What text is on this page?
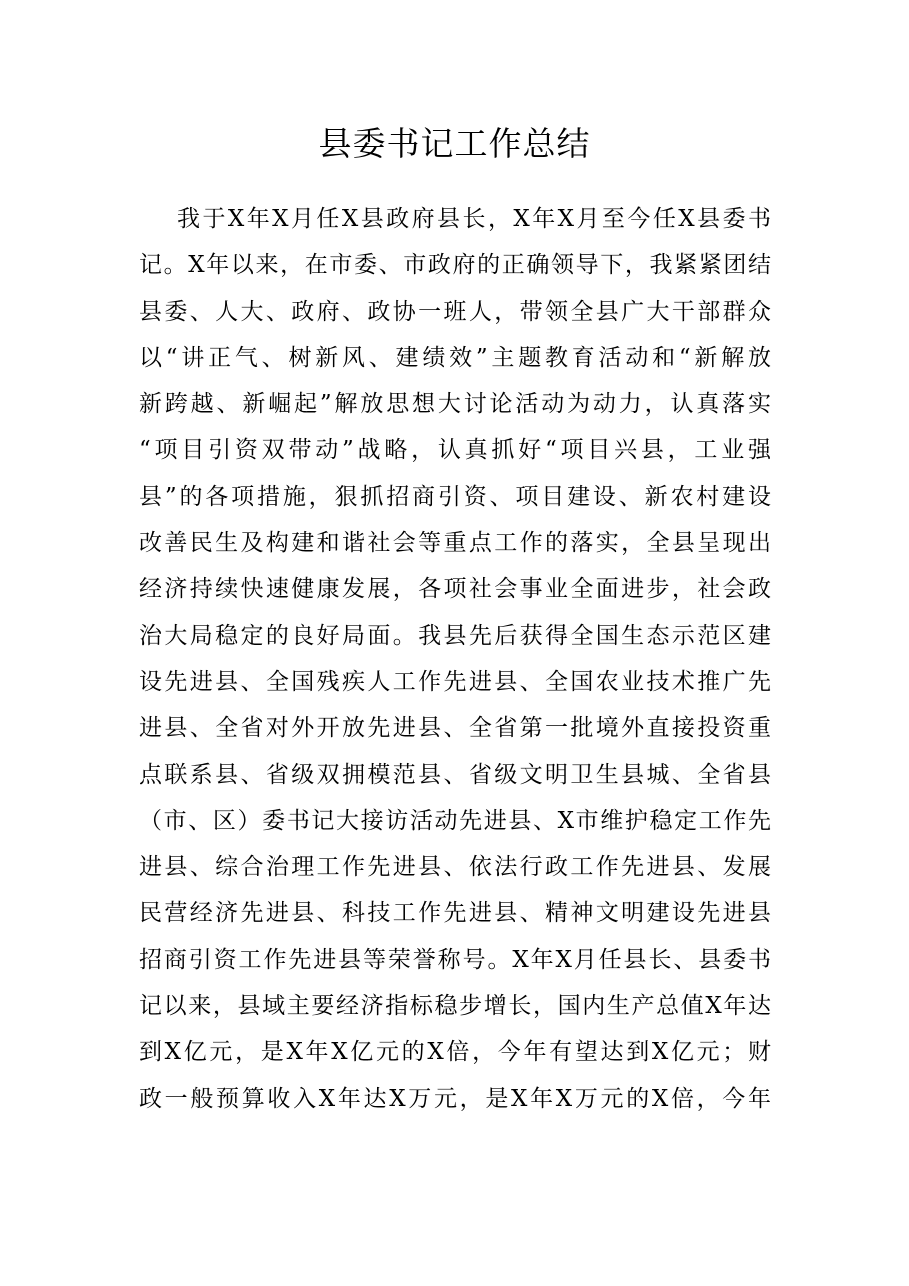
县委书记工作总结
我于X年X月任X县政府县长，X年X月至今任X县委书
记。X年以来，在市委、市政府的正确领导下，我紧紧团结
县委、人大、政府、政协一班人，带领全县广大干部群众
以“讲正气、树新风、建绩效”主题教育活动和“新解放
新跨越、新崛起”解放思想大讨论活动为动力，认真落实
“项目引资双带动”战略，认真抓好“项目兴县，工业强
县”的各项措施，狠抓招商引资、项目建设、新农村建设
改善民生及构建和谐社会等重点工作的落实，全县呈现出
经济持续快速健康发展，各项社会事业全面进步，社会政
治大局稳定的良好局面。我县先后获得全国生态示范区建
设先进县、全国残疾人工作先进县、全国农业技术推广先
进县、全省对外开放先进县、全省第一批境外直接投资重
点联系县、省级双拥模范县、省级文明卫生县城、全省县
（市、区）委书记大接访活动先进县、X市维护稳定工作先
进县、综合治理工作先进县、依法行政工作先进县、发展
民营经济先进县、科技工作先进县、精神文明建设先进县
招商引资工作先进县等荣誉称号。X年X月任县长、县委书
记以来，县域主要经济指标稳步增长，国内生产总值X年达
到X亿元，是X年X亿元的X倍，今年有望达到X亿元；财
政一般预算收入X年达X万元，是X年X万元的X倍，今年
